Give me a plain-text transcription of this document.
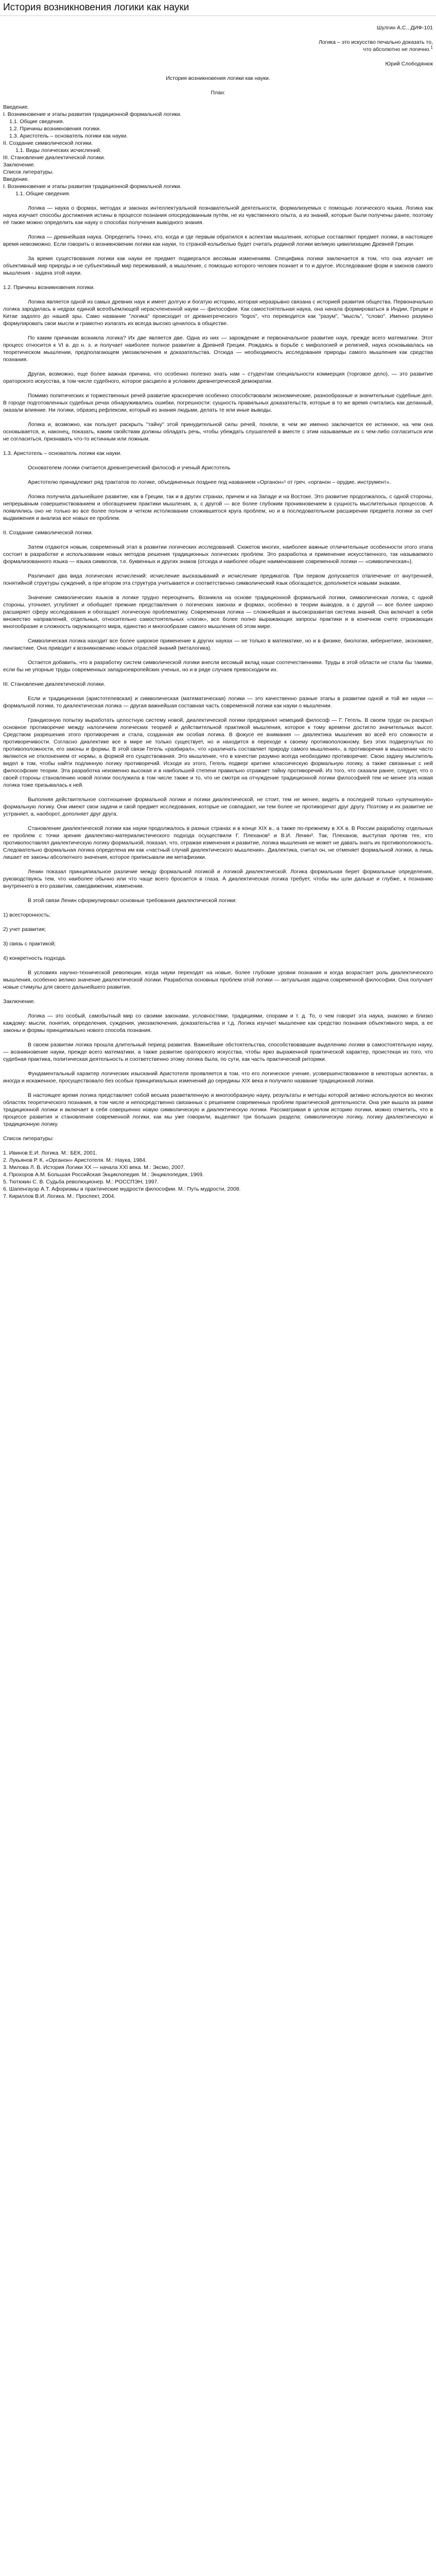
История возникновения логики как науки

Шулгин А.С., ДИФ-101

Логика – это искусство печально доказать то,

что абсолютно не логично.$^1$

Юрий Слободянюк

История возникновения логики как науки.

План:

Введение.

I. Возникновение и этапы развития традиционной формальной логики.

1.1. Общие сведения.

1.2. Причины возникновения логики.

1.3. Аристотель – основатель логики как науки.

II. Создание символической логики.

1.1. Виды логических исчислений.

III. Становление диалектической логики.

Заключение.

Список литературы.

Введение.

I. Возникновение и этапы развития традиционной формальной логики.

1.1. Общие сведения.

Логика — наука о формах, методах и законах интеллектуальной познавательной деятельности, формализуемых с помощью логического языка. Логика как наука изучает способы достижения истины в процессе познания опосредованным путём, не из чувственного опыта, а из знаний, которые были получены ранее, поэтому её также можно определить как науку о способах получения выводного знания.

Логика — древнейшая наука. Определить точно, кто, когда и где первым обратился к аспектам мышления, которые составляют предмет логики, в настоящее время невозможно. Если говорить о возникновении логики как науки, то страной-колыбелью будет считать родиной логики великую цивилизацию Древней Греции.

За время существования логики как науки ее предмет подвергался весомым изменениям. Специфика логики заключается в том, что она изучает не объективный мир природы и не субъективный мир переживаний, а мышление, с помощью которого человек познает и то и другое. Исследование форм и законов самого мышления - задача этой науки.

1.2. Причины возникновения логики.

Логика является одной из самых древних наук и имеет долгую и богатую историю, которая неразрывно связана с историей развития общества. Первоначально логика зародилась в недрах единой всеобъемлющей нерасчлененной науки — философии. Как самостоятельная наука, она начала формироваться в Индии, Греции и Китае задолго до нашей эры. Само название "логика" происходит от древнегреческого "logos", что переводится как "разум", "мысль", "слово". Именно разумно формулировать свои мысли и грамотно излагать их всегда высоко ценилось в обществе.

По каким причинам возникла логика? Их две является две. Одна из них — зарождение и первоначальное развитие наук, прежде всего математики. Этот процесс относится к VI в. до н. э. и получает наиболее полное развитие в Древней Греции. Рождаясь в борьбе с мифологией и религией, наука основывалась на теоретическом мышлении, предполагающем умозаключения и доказательства. Отсюда — необходимость исследования природы самого мышления как средства познания.

Другая, возможно, еще более важная причина, что особенно полезно знать нам – студентам специальности коммерция (торговое дело), — это развитие ораторского искусства, в том числе судебного, которое расцвело в условиях древнегреческой демократии.

Помимо политических и торжественных речей развитие красноречия особенно способствовали экономические, разнообразные и значительные судебные дел. В городе подготовленных судебных речах обнаруживались ошибки, погрешности: сущность правильных доказательств, которые в то же время считались как деланный, оказали влияние. Ни логики, образец рефлексии, который из знания людьми, делать те или иные выводы.

Логика и, возможно, как пользует раскрыть "тайну" этой принудительной силы речей, поняли, в чем же именно заключается ее истинное, на чем она основывается, и, наконец, показать, каким свойствам должны обладать речь, чтобы убеждать слушателей в вместе с этим называемые их с чем-либо согласиться или не согласиться, признавать что-то истинным или ложным.

1.3. Аристотель – основатель логики как науки.

Основателем логики считается древнегреческий философ и ученый Аристотель

Аристотелю принадлежит ряд трактатов по логике, объединенных позднее под названием «Органон»¹ от греч. «органон – орудие, инструмент».

Логика получила дальнейшее развитие, как в Греции, так и в других странах, причем и на Западе и на Востоке. Это развитие продолжалось, с одной стороны, непрерывным совершенствованием и обогащением практики мышления, а, с другой — все более глубоким проникновением в сущность мыслительных процессов. А появлялись оно не только во все более полном и четком истолковании сложившегося круга проблем, но и в последовательном расширении предмета логики за счет выдвижения и анализа все новых ее проблем.

II. Создание символической логики.

Затем отдаются новым, современный этап в развитии логических исследований. Сюжетов многих, наиболее важные отличительные особенности этого этапа состоит в разработке и использовании новых методов решения традиционных логических проблем. Это разработка и применение искусственного, так называемого формализованного языка — языка символов, т.е. буквенных и других знаков (отсюда и наиболее общее наименование современной логики — «символическая»).

Различают два вида логических исчислений: исчисление высказываний и исчисление предикатов. При первом допускается отвлечение от внутренней, понятийной структуры суждений, а при втором эта структура учитывается и соответственно символический язык обогащается, дополняется новыми знаками.

Значение символических языков в логике трудно переоценить. Возникла на основе традиционной формальной логики, символическая логика, с одной стороны, уточняет, углубляет и обобщает прежние представления о логических законах и формах, особенно в теории выводов, а с другой — все более широко расширяет сферу исследования и обогащает логическую проблематику. Современная логика — сложнейшая и высокоразвитая система знаний. Она включает в себя множество направлений, отдельных, относительно самостоятельных «логик», все более полно выражающих запросы практики и в конечном счете отражающих многообразие и сложность окружающего мира, единство и многообразие самого мышления об этом мире.

Символическая логика находит все более широкое применение в других науках — не только в математике, но и в физике, биологии, кибернетике, экономике, лингвистике. Она приводит к возникновению новых отраслей знаний (металогика).

Остается добавить, что в разработку систем символической логики внесли весомый вклад наши соотечественники. Труды в этой области не стали бы такими, если бы не упорные труды современных западноевропейских ученых, но и в ряде случаев превосходили их.

III. Становление диалектической логики.

Если и традиционная (аристотелевская) и символическая (математическая) логики — это качественно разные этапы в развитии одной и той же науки — формальной логики, то диалектическая логика — другая важнейшая составная часть современной логики как науки о мышлении.

Грандиозную попытку выработать целостную систему новой, диалектической логики предпринял немецкий философ — Г. Гегель. В своем труде он раскрыл основное противоречие между налогичием логических теорией и действительной практикой мышления, которое к тому времени достигло значительных высот. Средством разрешения этого противоречия и стала, созданная им особая логика. В фокусе ее внимания — диалектика мышления во всей его сложности и противоречивости. Согласно диалектике все в мире не только существует, но и находится в переходе к своему противоположному. Без этих подвергнутых по противоположности, его законы и формы. В этой связи Гегель «разбирал», что «различать составляет природу самого мышления», а противоречия в мышлении часто являются не отклонением от нормы, а формой его существования. Это мышление, что в качестве разумно всегда необходимо противоречие. Свою задачу мыслитель видел в том, чтобы найти подлинную логику противоречий. Исходя из этого, Гегель подверг критике классическую формальную логику, а также связанные с ней философские теории. Эта разработка неизменно высокая и в наибольшей степени правильно отражает тайну противоречий. Из того, что сказали ранее, следует, что о своей стороны становлению новой логики послужила в том числе также и то, что не смотря на отчуждение традиционной логики философией тем не менее эта новая логика тоже призывалась к ней.

Выполняя действительное соотношение формальной логики и логики диалектической, не стоит, тем не менее, видеть в последней только «улучшенную» формальную логику. Они имеют свои задачи и свой предмет исследования, которые не совпадают, ни тем более не противоречат друг другу. Поэтому и их развитие не устраняет, а, наоборот, дополняет друг друга.

Становление диалектической логики как науки продолжалось в разных странах и в конце XIX в., а также по-прежнему в XX в. В России разработку отдельных ее проблем с точки зрения диалектико-материалистического подхода осуществили Г. Плеханов² и В.И. Ленин³. Так, Плеханов, выступая против тех, кто противопоставлял диалектическую логику формальной, показал, что, отражая изменения и развитие, логика мышления не может не давать знать их противоположность. Следовательно формальная логика определена им как «частный случай диалектического мышления». Диалектика, считал он, не отменяет формальной логики, а лишь лишает ее законы абсолютного значения, которое приписывали им метафизики.

Ленин показал принципиальное различие между формальной логикой и логикой диалектической. Логика формальная берет формальные определения, руководствуясь тем, что наиболее обычно или что чаще всего бросается в глаза. А диалектическая логика требует, чтобы мы шли дальше и глубже, к познанию внутреннего в его развитии, самодвижении, изменении.

В этой связи Ленин сформулировал основные требования диалектической логики:

1) всесторонность;

2) учет развития;

3) связь с практикой;

4) конкретность подхода.

В условиях научно-технической революции, когда науки переходят на новые, более глубокие уровни познания и когда возрастает роль диалектического мышления, особенно велико значение диалектической логики. Разработка основных проблем этой логики — актуальная задача современной философии. Она получает новые стимулы для своего дальнейшего развития.

Заключение.

Логика — это особый, самобытный мир со своими законами, условностями, традициями, спорами и т. д. То, о чем говорит эта наука, знакомо и близко каждому: мысли, понятия, определения, суждения, умозаключения, доказательства и т.д. Логика изучает мышление как средство познания объективного мира, а ее законы и формы принципиально нового способа познания.

В своем развитии логика прошла длительный период развития. Важнейшие обстоятельства, способствовавшие выделению логики в самостоятельную науку, — возникновение науки, прежде всего математики, а также развитие ораторского искусства, чтобы ярко выраженной практической характер, проистекая из того, что судебная практика, политическая деятельность и соответственно этому логика была, по сути, как часть практической риторики.

Фундаментальный характер логических изысканий Аристотеля проявляется в том, что его логическое учение, усовершенствованное в некоторых аспектах, а иногда и искаженное, просуществовало без особых принципиальных изменений до середины XIX века и получило название традиционной логики.

В настоящее время логика представляет собой весьма разветвленную и многообразную науку, результаты и методы которой активно используются во многих областях теоретического познания, в том числе и непосредственно связанных с решением современных проблем практической деятельности. Она уже вышла за рамки традиционной логики и включает в себя совершенно новую символическую и диалектическую логики. Рассматривая в целом историю логики, можно отметить, что в процессе развития и становления современной логики, как мы уже говорили, выделяют три больших раздела: символическую логику, логику диалектическую и традиционную логику.

Список литературы:

1. Ивинов Е.И. Логика. М.: БЕК, 2001.

2. Лукьянов Р. К. «Органон» Аристотеля. М.: Наука, 1984.

3. Милова Л. В. История Логики XX — начала XXI века. М.: Эксмо, 2007.

4. Прохоров А.М. Большая Российская Энциклопедия. М.: Энциклопедия, 1969.

5. Тютюкин С. В. Судьба революционер. М.: РОССПЭН, 1997.

6. Шапенгауэр А.Т. Афоризмы и практические мудрости философии. М.: Путь мудрости, 2008.

7. Кириллов В.И. Логика. М.: Проспект, 2004.
